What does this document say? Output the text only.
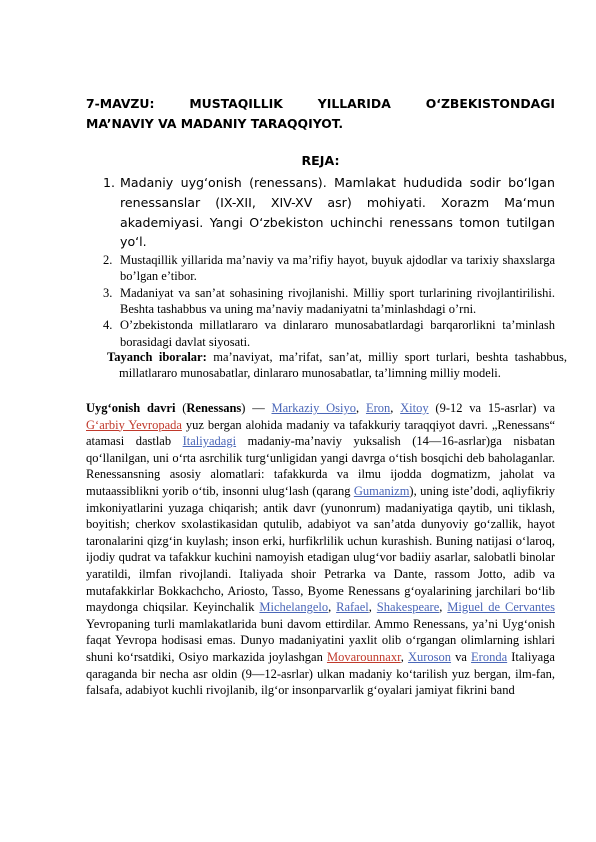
7-MAVZU:	MUSTAQILLIK	YILLARIDA	O‘ZBEKISTONDAGI
MA’NAVIY VA MADANIY TARAQQIYOT.
REJA:
1. Madaniy uyg‘onish (renessans). Mamlakat hududida sodir bo‘lgan renessanslar (IX-XII, XIV-XV asr) mohiyati. Xorazm Ma‘mun akademiyasi. Yangi O‘zbekiston uchinchi renessans tomon tutilgan yo‘l.
2. Mustaqillik yillarida ma’naviy va ma’rifiy hayot, buyuk ajdodlar va tarixiy shaxslarga bo’lgan e’tibor.
3. Madaniyat va san’at sohasining rivojlanishi. Milliy sport turlarining rivojlantirilishi. Beshta tashabbus va uning ma’naviy madaniyatni ta’minlashdagi o’rni.
4. O’zbekistonda millatlararo va dinlararo munosabatlardagi barqarorlikni ta’minlash borasidagi davlat siyosati.

Tayanch iboralar: ma’naviyat, ma’rifat, san’at, milliy sport turlari, beshta tashabbus, millatlararo munosabatlar, dinlararo munosabatlar, ta’limning milliy modeli.

Uyg‘onish davri (Renessans) — Markaziy Osiyo, Eron, Xitoy (9-12 va 15-asrlar) va Gʻarbiy Yevropada yuz bergan alohida madaniy va tafakkuriy taraqqiyot davri. „Renessans“ atamasi dastlab Italiyadagi madaniy-maʼnaviy yuksalish (14—16-asrlar)ga nisbatan qoʻllanilgan, uni oʻrta asrchilik turgʻunligidan yangi davrga oʻtish bosqichi deb baholaganlar. Renessansning asosiy alomatlari: tafakkurda va ilmu ijodda dogmatizm, jaholat va mutaassiblikni yorib oʻtib, insonni ulugʻlash (qarang Gumanizm), uning isteʼdodi, aqliyfikriy imkoniyatlarini yuzaga chiqarish; antik davr (yunonrum) madaniyatiga qaytib, uni tiklash, boyitish; cherkov sxolastikasidan qutulib, adabiyot va sanʼatda dunyoviy goʻzallik, hayot taronalarini qizgʻin kuylash; inson erki, hurfikrlilik uchun kurashish. Buning natijasi oʻlaroq, ijodiy qudrat va tafakkur kuchini namoyish etadigan ulugʻvor badiiy asarlar, salobatli binolar yaratildi, ilmfan rivojlandi. Italiyada shoir Petrarka va Dante, rassom Jotto, adib va mutafakkirlar Bokkachcho, Ariosto, Tasso, Byome Renessans gʻoyalarining jarchilari boʻlib maydonga chiqsilar. Keyinchalik Michelangelo, Rafael, Shakespeare, Miguel de Cervantes Yevropaning turli mamlakatlarida buni davom ettirdilar. Ammo Renessans, yaʼni Uygʻonish faqat Yevropa hodisasi emas. Dunyo madaniyatini yaxlit olib oʻrgangan olimlarning ishlari shuni koʻrsatdiki, Osiyo markazida joylashgan Movarounnaxr, Xuroson va Eronda Italiyaga qaraganda bir necha asr oldin (9—12-asrlar) ulkan madaniy koʻtarilish yuz bergan, ilm-fan, falsafa, adabiyot kuchli rivojlanib, ilgʻor insonparvarlik gʻoyalari jamiyat fikrini band
